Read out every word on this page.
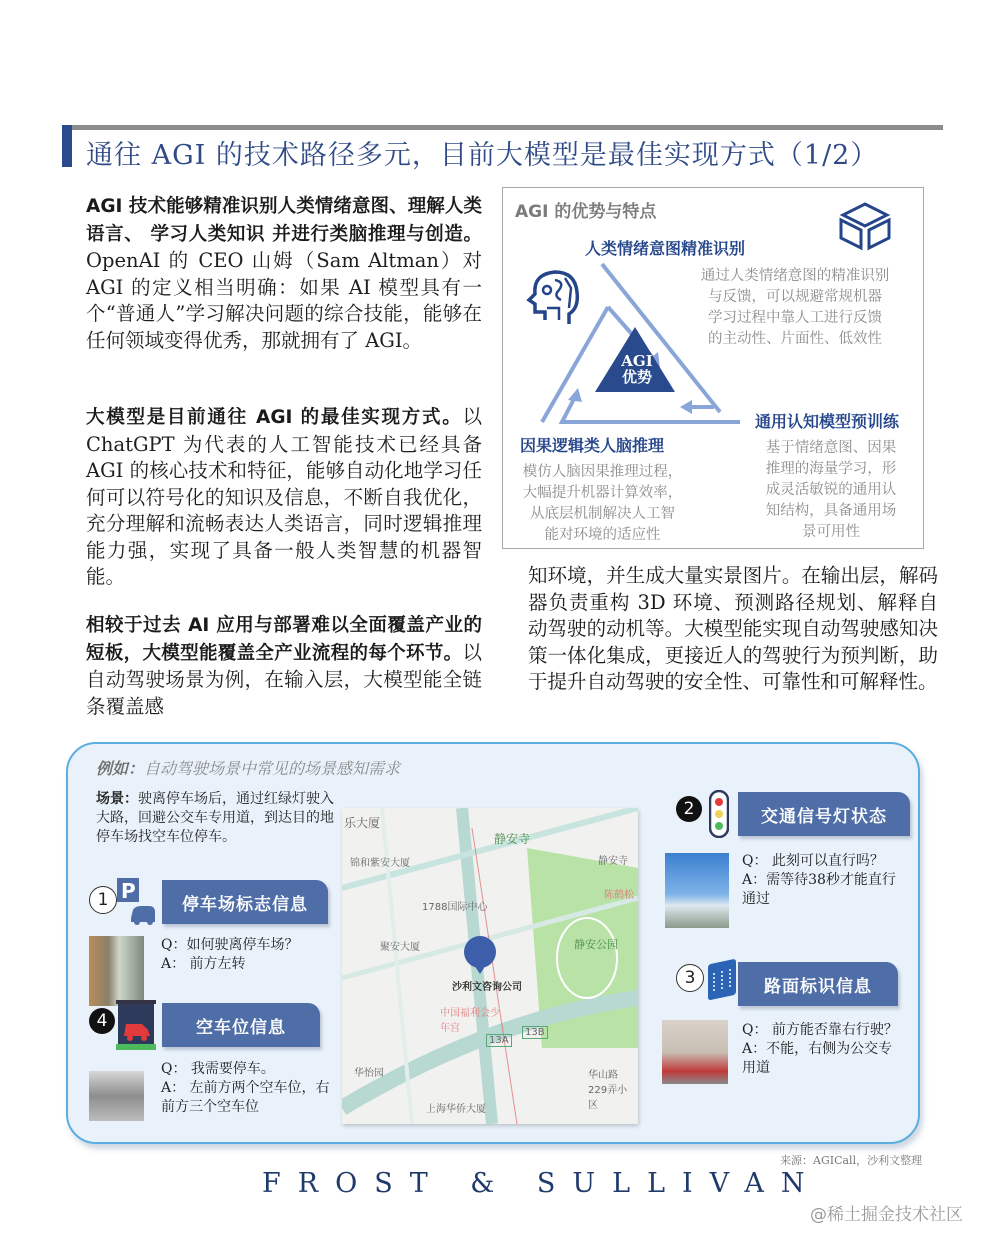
通往 AGI 的技术路径多元，目前大模型是最佳实现方式（1/2）
AGI 技术能够精准识别人类情绪意图、理解人类语言、 学习人类知识 并进行类脑推理与创造。OpenAI 的 CEO 山姆（Sam Altman）对 AGI 的定义相当明确：如果 AI 模型具有一个“普通人”学习解决问题的综合技能，能够在任何领域变得优秀，那就拥有了 AGI。
大模型是目前通往 AGI 的最佳实现方式。以 ChatGPT 为代表的人工智能技术已经具备 AGI 的核心技术和特征，能够自动化地学习任何可以符号化的知识及信息，不断自我优化，充分理解和流畅表达人类语言，同时逻辑推理能力强，实现了具备一般人类智慧的机器智能。
相较于过去 AI 应用与部署难以全面覆盖产业的短板，大模型能覆盖全产业流程的每个环节。以自动驾驶场景为例，在输入层，大模型能全链条覆盖感
知环境，并生成大量实景图片。在输出层，解码器负责重构 3D 环境、预测路径规划、解释自动驾驶的动机等。大模型能实现自动驾驶感知决策一体化集成，更接近人的驾驶行为预判断，助于提升自动驾驶的安全性、可靠性和可解释性。
AGI 的优势与特点
AGI
优势
人类情绪意图精准识别
通过人类情绪意图的精准识别
与反馈，可以规避常规机器
学习过程中靠人工进行反馈
的主动性、片面性、低效性
通用认知模型预训练
基于情绪意图、因果
推理的海量学习，形
成灵活敏锐的通用认
知结构，具备通用场
景可用性
因果逻辑类人脑推理
模仿人脑因果推理过程，
大幅提升机器计算效率，
从底层机制解决人工智
能对环境的适应性
例如：自动驾驶场景中常见的场景感知需求
场景：驶离停车场后，通过红绿灯驶入大路，回避公交车专用道，到达目的地停车场找空车位停车。
1 P
停车场标志信息
Q：如何驶离停车场？
A： 前方左转
4	空车位信息
Q： 我需要停车。
A： 左前方两个空车位，右前方三个空车位
乐大厦
静安寺
锦和紫安大厦	静安寺
1788国际中心
陈鹤松
聚安大厦	静安公园
沙利文咨询公司
中国福利会少年宫	13B
13A
华怡园	华山路229弄小区
上海华侨大厦
2	交通信号灯状态
Q： 此刻可以直行吗？
A：需等待38秒才能直行通过
3	路面标识信息
Q： 前方能否靠右行驶？
A：不能，右侧为公交专用道
来源：AGICall，沙利文整理
FROST & SULLIVAN
@稀土掘金技术社区
